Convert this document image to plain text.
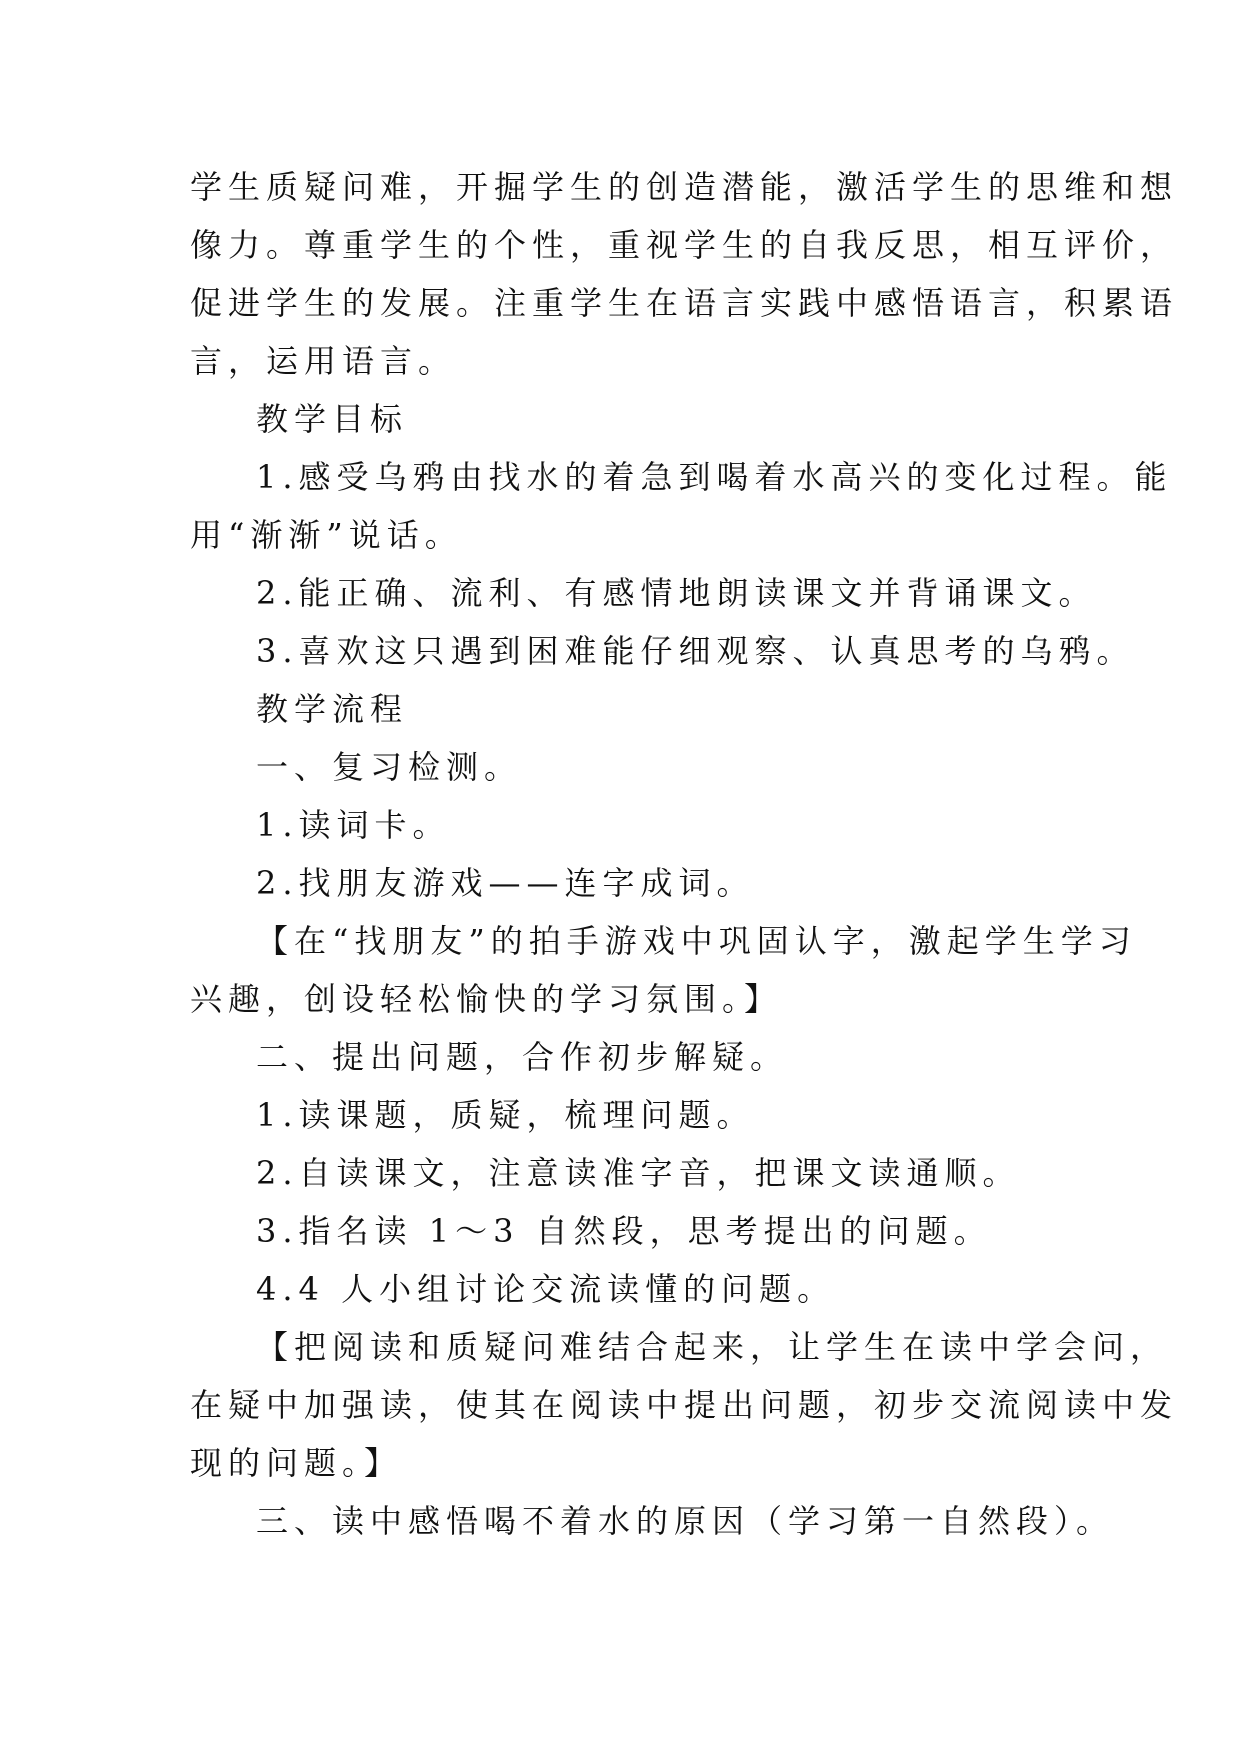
学生质疑问难，开掘学生的创造潜能，激活学生的思维和想

像力。尊重学生的个性，重视学生的自我反思，相互评价，

促进学生的发展。注重学生在语言实践中感悟语言，积累语

言，运用语言。

教学目标

1.感受乌鸦由找水的着急到喝着水高兴的变化过程。能

用“渐渐”说话。

2.能正确、流利、有感情地朗读课文并背诵课文。

3.喜欢这只遇到困难能仔细观察、认真思考的乌鸦。

教学流程

一、复习检测。

1.读词卡。

2.找朋友游戏——连字成词。

【在“找朋友”的拍手游戏中巩固认字，激起学生学习

兴趣，创设轻松愉快的学习氛围。】

二、提出问题，合作初步解疑。

1.读课题，质疑，梳理问题。

2.自读课文，注意读准字音，把课文读通顺。

3.指名读 1～3 自然段，思考提出的问题。

4.4 人小组讨论交流读懂的问题。

【把阅读和质疑问难结合起来，让学生在读中学会问，

在疑中加强读，使其在阅读中提出问题，初步交流阅读中发

现的问题。】

三、读中感悟喝不着水的原因（学习第一自然段）。
